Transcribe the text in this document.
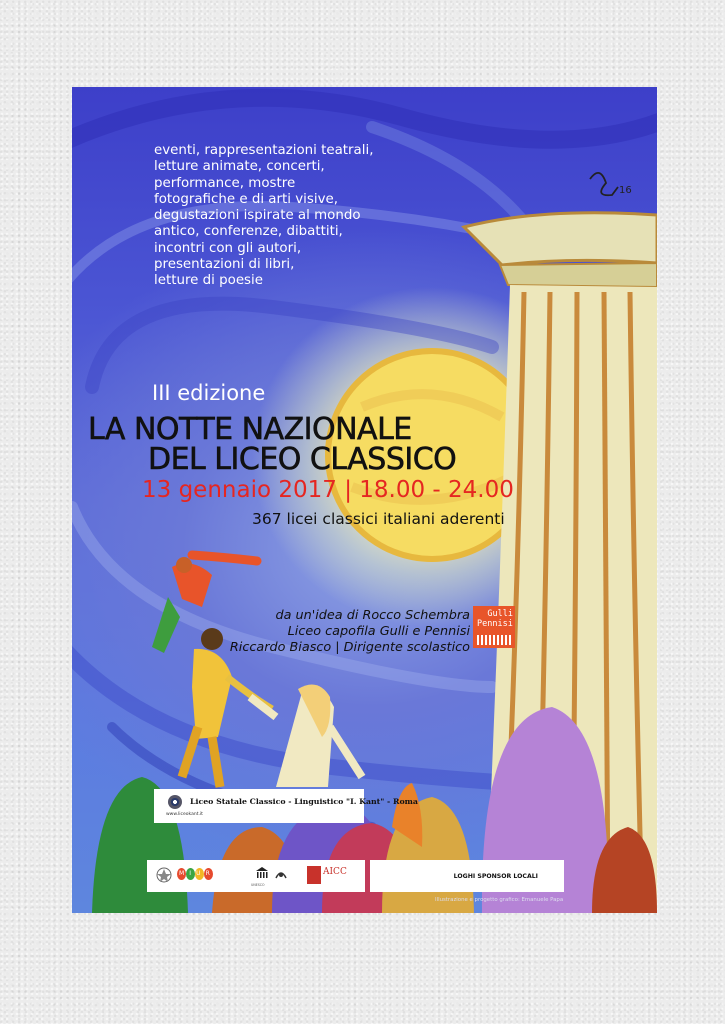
16
eventi, rappresentazioni teatrali,
letture animate, concerti,
performance, mostre
fotografiche e di arti visive,
degustazioni ispirate al mondo
antico, conferenze, dibattiti,
incontri con gli autori,
presentazioni di libri,
letture di poesie
III edizione
LA NOTTE NAZIONALE
DEL LICEO CLASSICO
13 gennaio 2017 | 18.00 - 24.00
367 licei classici italiani aderenti
da un'idea di Rocco Schembra
Liceo capofila Gulli e Pennisi
Riccardo Biasco | Dirigente scolastico
Gulli
Pennisi
Liceo Statale Classico - Linguistico "I. Kant" - Roma
www.liceokant.it
M I U R
UNESCO
AICC	LOGHI SPONSOR LOCALI
Illustrazione e progetto grafico: Emanuele Papa
